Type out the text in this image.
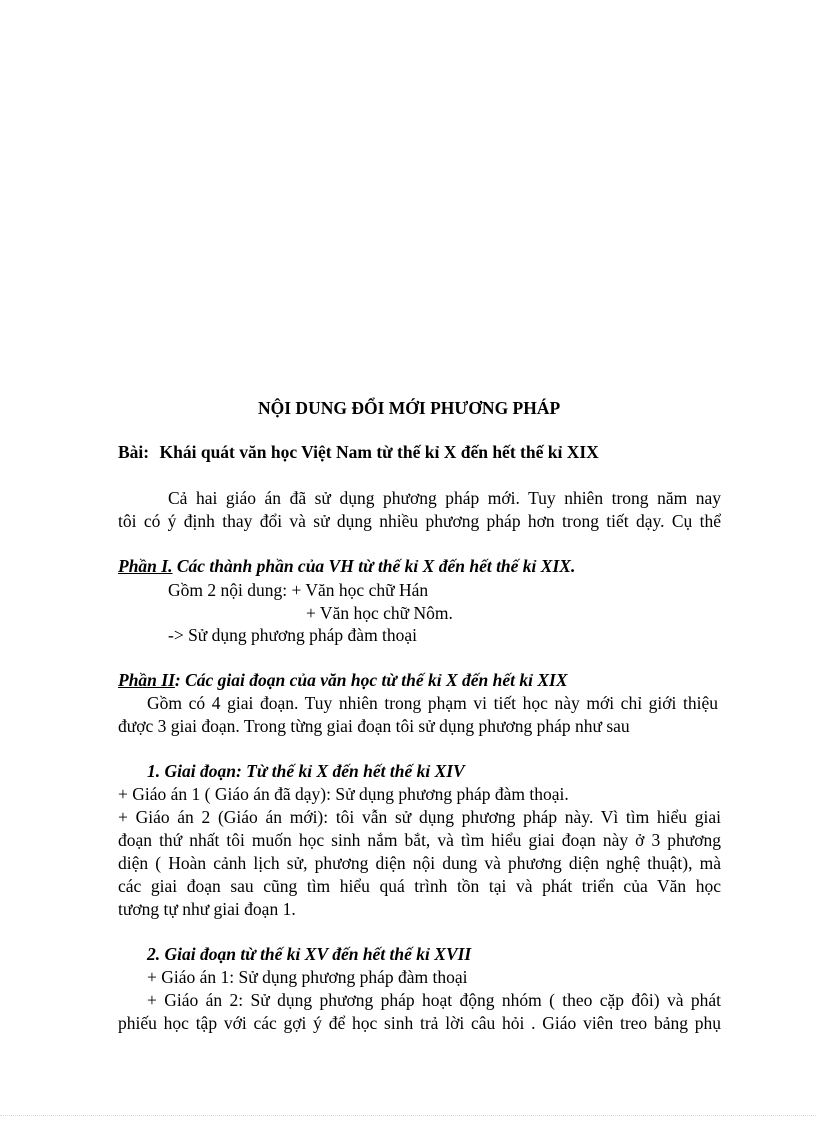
NỘI DUNG ĐỔI MỚI PHƯƠNG PHÁP
Bài: Khái quát văn học Việt Nam từ thế kỉ X đến hết thế kỉ XIX
Cả hai giáo án đã sử dụng phương pháp mới. Tuy nhiên trong năm nay
tôi có ý định thay đổi và sử dụng nhiều phương pháp hơn trong tiết dạy. Cụ thể
Phần I. Các thành phần của VH từ thế kỉ X đến hết thế kỉ XIX.
Gồm 2 nội dung: + Văn học chữ Hán
+ Văn học chữ Nôm.
-> Sử dụng phương pháp đàm thoại
Phần II: Các giai đoạn của văn học từ thế kỉ X đến hết kỉ XIX
Gồm có 4 giai đoạn. Tuy nhiên trong phạm vi tiết học này mới chỉ giới thiệu
được 3 giai đoạn. Trong từng giai đoạn tôi sử dụng phương pháp như sau
1. Giai đoạn: Từ thế kỉ X đến hết thế kỉ XIV
+ Giáo án 1 ( Giáo án đã dạy): Sử dụng phương pháp đàm thoại.
+ Giáo án 2 (Giáo án mới): tôi vẫn sử dụng phương pháp này. Vì tìm hiểu giai
đoạn thứ nhất tôi muốn học sinh nắm bắt, và tìm hiểu giai đoạn này ở 3 phương
diện ( Hoàn cảnh lịch sử, phương diện nội dung và phương diện nghệ thuật), mà
các giai đoạn sau cũng tìm hiểu quá trình tồn tại và phát triển của Văn học
tương tự như giai đoạn 1.
2. Giai đoạn từ thế kỉ XV đến hết thế kỉ XVII
+ Giáo án 1: Sử dụng phương pháp đàm thoại
+ Giáo án 2: Sử dụng phương pháp hoạt động nhóm ( theo cặp đôi) và phát
phiếu học tập với các gợi ý để học sinh trả lời câu hỏi . Giáo viên treo bảng phụ
